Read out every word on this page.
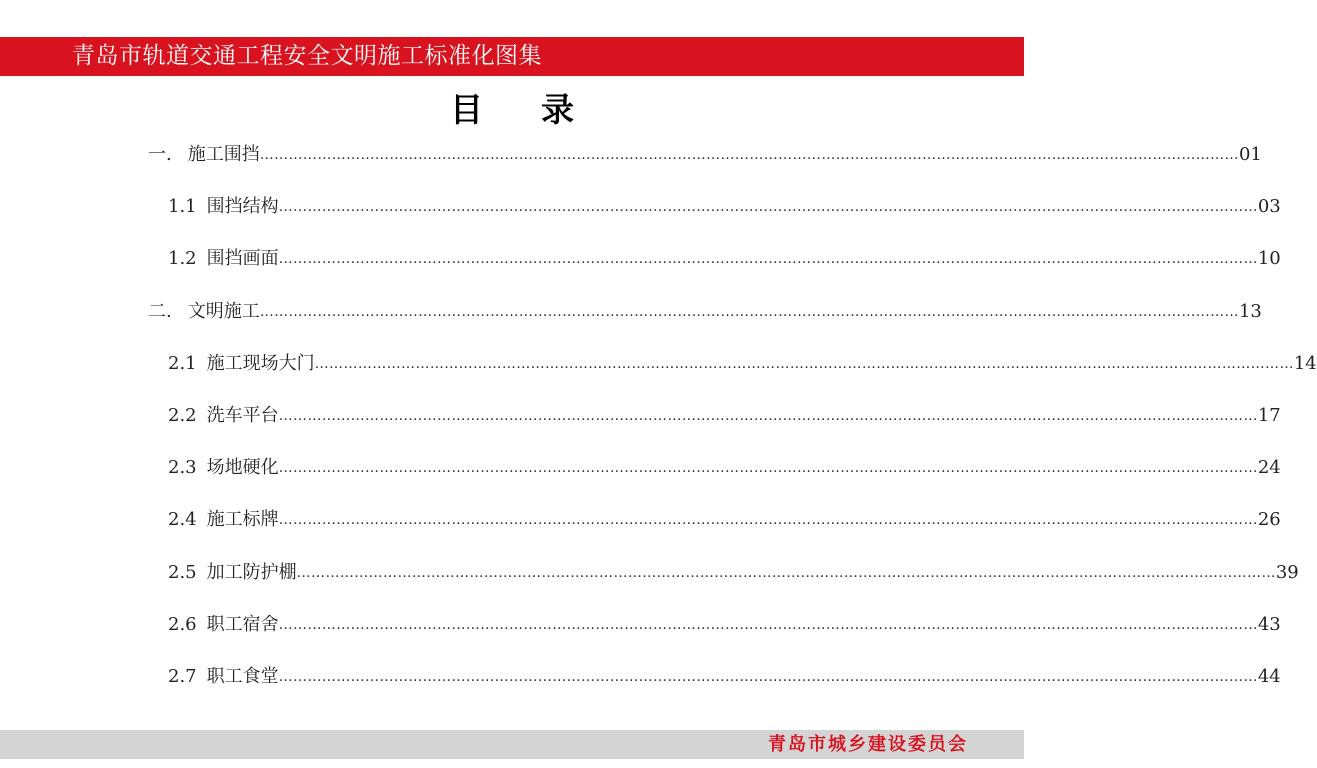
青岛市轨道交通工程安全文明施工标准化图集
目录
一. 施工围挡 …………………………………………………………………………………………………………………………………………………………………………………… 01
1.1 围挡结构 …………………………………………………………………………………………………………………………………………………………………………………… 03
1.2 围挡画面 …………………………………………………………………………………………………………………………………………………………………………………… 10
二. 文明施工 …………………………………………………………………………………………………………………………………………………………………………………… 13
2.1 施工现场大门 …………………………………………………………………………………………………………………………………………………………………………………… 14
2.2 洗车平台 …………………………………………………………………………………………………………………………………………………………………………………… 17
2.3 场地硬化 …………………………………………………………………………………………………………………………………………………………………………………… 24
2.4 施工标牌 …………………………………………………………………………………………………………………………………………………………………………………… 26
2.5 加工防护棚 …………………………………………………………………………………………………………………………………………………………………………………… 39
2.6 职工宿舍 …………………………………………………………………………………………………………………………………………………………………………………… 43
2.7 职工食堂 …………………………………………………………………………………………………………………………………………………………………………………… 44
青岛市城乡建设委员会
